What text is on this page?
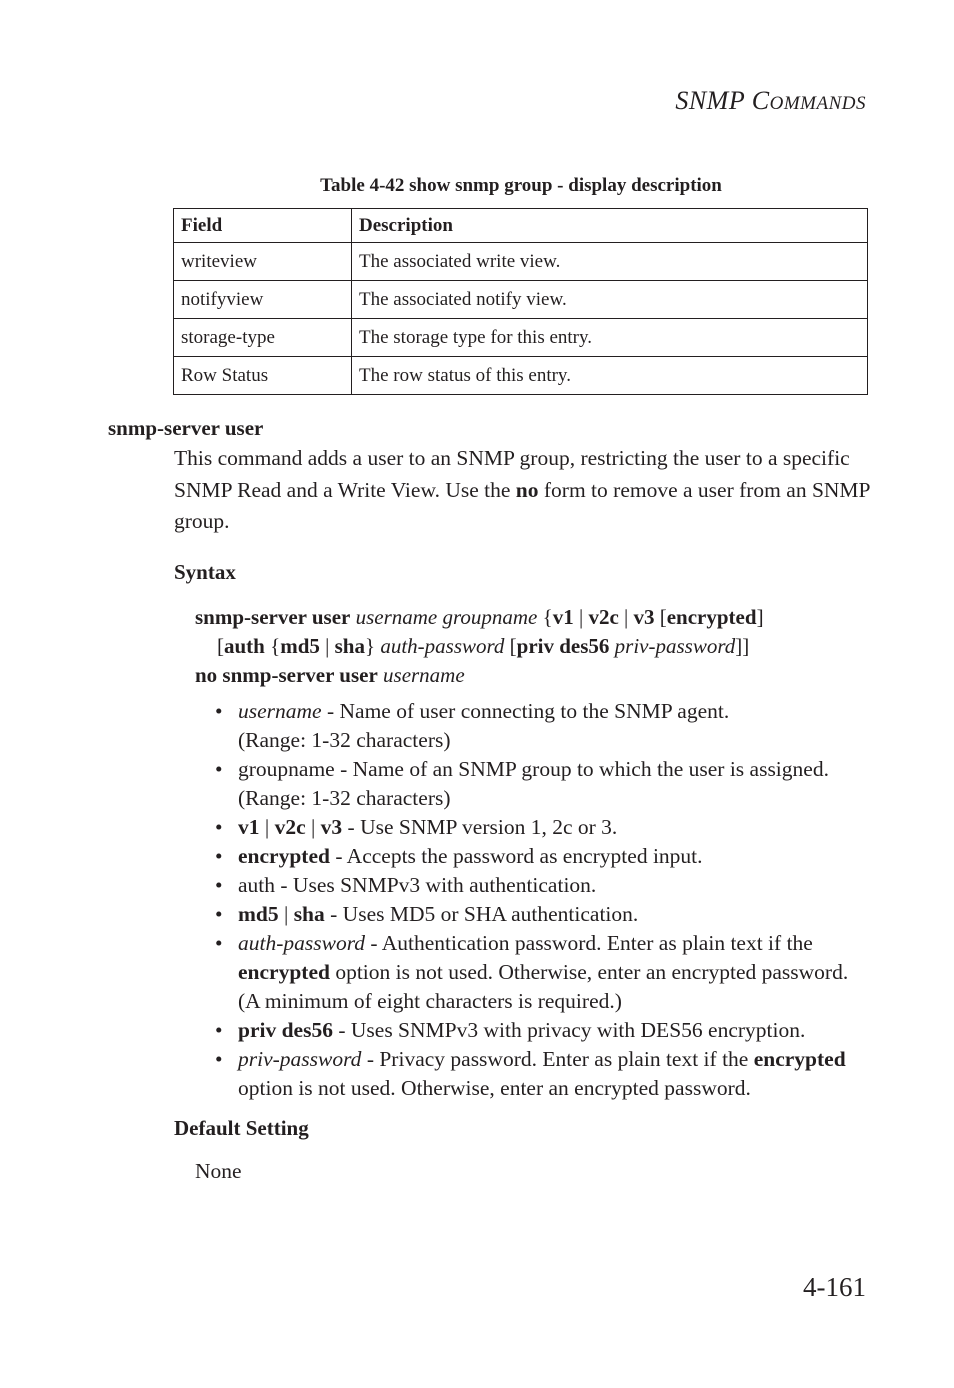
SNMP COMMANDS
Table 4-42 show snmp group - display description
Field	Description
writeview	The associated write view.
notifyview	The associated notify view.
storage-type	The storage type for this entry.
Row Status	The row status of this entry.
snmp-server user
This command adds a user to an SNMP group, restricting the user to a specific SNMP Read and a Write View. Use the no form to remove a user from an SNMP group.
Syntax
snmp-server user username groupname {v1 | v2c | v3 [encrypted]
[auth {md5 | sha} auth-password [priv des56 priv-password]]
no snmp-server user username
• username - Name of user connecting to the SNMP agent.
(Range: 1-32 characters)
• groupname - Name of an SNMP group to which the user is assigned.
(Range: 1-32 characters)
• v1 | v2c | v3 - Use SNMP version 1, 2c or 3.
• encrypted - Accepts the password as encrypted input.
• auth - Uses SNMPv3 with authentication.
• md5 | sha - Uses MD5 or SHA authentication.
• auth-password - Authentication password. Enter as plain text if the encrypted option is not used. Otherwise, enter an encrypted password. (A minimum of eight characters is required.)
• priv des56 - Uses SNMPv3 with privacy with DES56 encryption.
• priv-password - Privacy password. Enter as plain text if the encrypted option is not used. Otherwise, enter an encrypted password.
Default Setting
None
4-161
